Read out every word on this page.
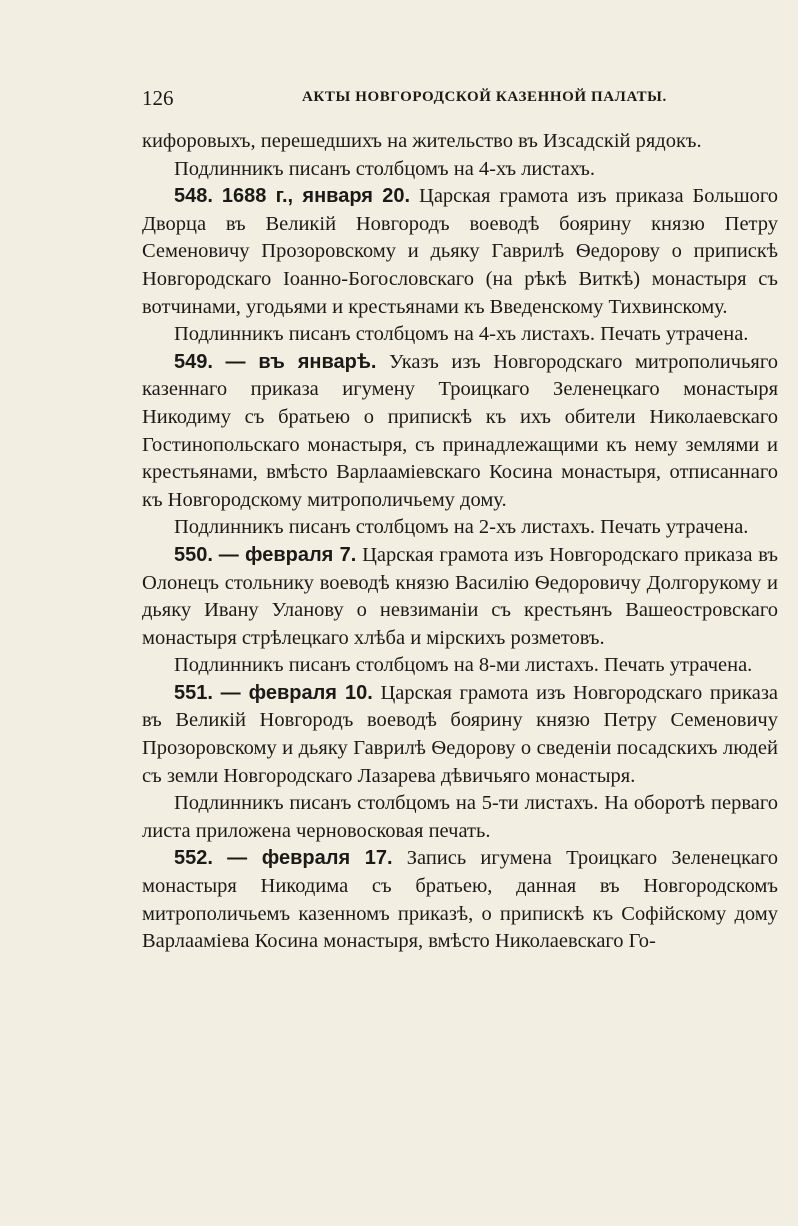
126	АКТЫ НОВГОРОДСКОЙ КАЗЕННОЙ ПАЛАТЫ.

кифоровыхъ, перешедшихъ на жительство въ Изсадскій рядокъ.

Подлинникъ писанъ столбцомъ на 4-хъ листахъ.

548. 1688 г., января 20. Царская грамота изъ приказа Большого Дворца въ Великій Новгородъ воеводѣ боярину князю Петру Семеновичу Прозоровскому и дьяку Гаврилѣ Ѳедорову о припискѣ Новгородскаго Іоанно-Богословскаго (на рѣкѣ Виткѣ) монастыря съ вотчинами, угодьями и крестьянами къ Введенскому Тихвинскому.

Подлинникъ писанъ столбцомъ на 4-хъ листахъ. Печать утрачена.

549. — въ январѣ. Указъ изъ Новгородскаго митрополичьяго казеннаго приказа игумену Троицкаго Зеленецкаго монастыря Никодиму съ братьею о припискѣ къ ихъ обители Николаевскаго Гостинопольскаго монастыря, съ принадлежащими къ нему землями и крестьянами, вмѣсто Варлааміевскаго Косина монастыря, отписаннаго къ Новгородскому митрополичьему дому.

Подлинникъ писанъ столбцомъ на 2-хъ листахъ. Печать утрачена.

550. — февраля 7. Царская грамота изъ Новгородскаго приказа въ Олонецъ стольнику воеводѣ князю Василію Ѳедоровичу Долгорукому и дьяку Ивану Уланову о невзиманіи съ крестьянъ Вашеостровскаго монастыря стрѣлецкаго хлѣба и мірскихъ розметовъ.

Подлинникъ писанъ столбцомъ на 8-ми листахъ. Печать утрачена.

551. — февраля 10. Царская грамота изъ Новгородскаго приказа въ Великій Новгородъ воеводѣ боярину князю Петру Семеновичу Прозоровскому и дьяку Гаврилѣ Ѳедорову о сведеніи посадскихъ людей съ земли Новгородскаго Лазарева дѣвичьяго монастыря.

Подлинникъ писанъ столбцомъ на 5-ти листахъ. На оборотѣ перваго листа приложена черновосковая печать.

552. — февраля 17. Запись игумена Троицкаго Зеленецкаго монастыря Никодима съ братьею, данная въ Новгородскомъ митрополичьемъ казенномъ приказѣ, о припискѣ къ Софійскому дому Варлааміева Косина монастыря, вмѣсто Николаевскаго Го-
